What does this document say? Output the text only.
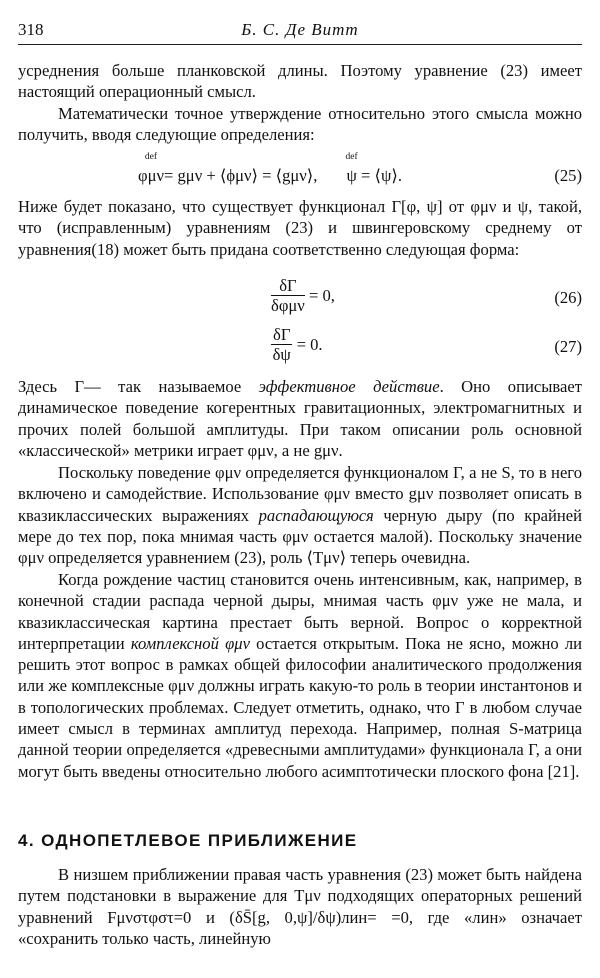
318	Б. С. Де Витт

усреднения больше планковской длины. Поэтому уравнение (23) имеет настоящий операционный смысл.

Математически точное утверждение относительно этого смысла можно получить, вводя следующие определения:

def
φμν= gμν + ⟨ϕμν⟩ = ⟨gμν⟩,
def
ψ = ⟨ψ⟩.	(25)

Ниже будет показано, что существует функционал Γ[φ, ψ] от φμν и ψ, такой, что (исправленным) уравнениям (23) и швингеровскому среднему от уравнения(18) может быть придана соответственно следующая форма:

$\frac{\delta\Gamma}{\text{δφμν}} = 0$,	(26)
$\frac{\delta\Gamma}{\delta\psi} = 0$.	(27)

Здесь Γ— так называемое эффективное действие. Оно описывает динамическое поведение когерентных гравитационных, электромагнитных и прочих полей большой амплитуды. При таком описании роль основной «классической» метрики играет φμν, а не gμν.

Поскольку поведение φμν определяется функционалом Γ, а не S, то в него включено и самодействие. Использование φμν вместо gμν позволяет описать в квазиклассических выражениях распадающуюся черную дыру (по крайней мере до тех пор, пока мнимая часть φμν остается малой). Поскольку значение φμν определяется уравнением (23), роль ⟨Tμν⟩ теперь очевидна.

Когда рождение частиц становится очень интенсивным, как, например, в конечной стадии распада черной дыры, мнимая часть φμν уже не мала, и квазиклассическая картина престает быть верной. Вопрос о корректной интерпретации комплексной φμν остается открытым. Пока не ясно, можно ли решить этот вопрос в рамках общей философии аналитического продолжения или же комплексные φμν должны играть какую-то роль в теории инстантонов и в топологических проблемах. Следует отметить, однако, что Γ в любом случае имеет смысл в терминах амплитуд перехода. Например, полная S-матрица данной теории определяется «древесными амплитудами» функционала Γ, а они могут быть введены относительно любого асимптотически плоского фона [21].

4. ОДНОПЕТЛЕВОЕ ПРИБЛИЖЕНИЕ

В низшем приближении правая часть уравнения (23) может быть найдена путем подстановки в выражение для Tμν подходящих операторных решений уравнений Fμνστφστ=0 и (δS̄[g, 0,ψ]/δψ)лин= =0, где «лин» означает «сохранить только часть, линейную
